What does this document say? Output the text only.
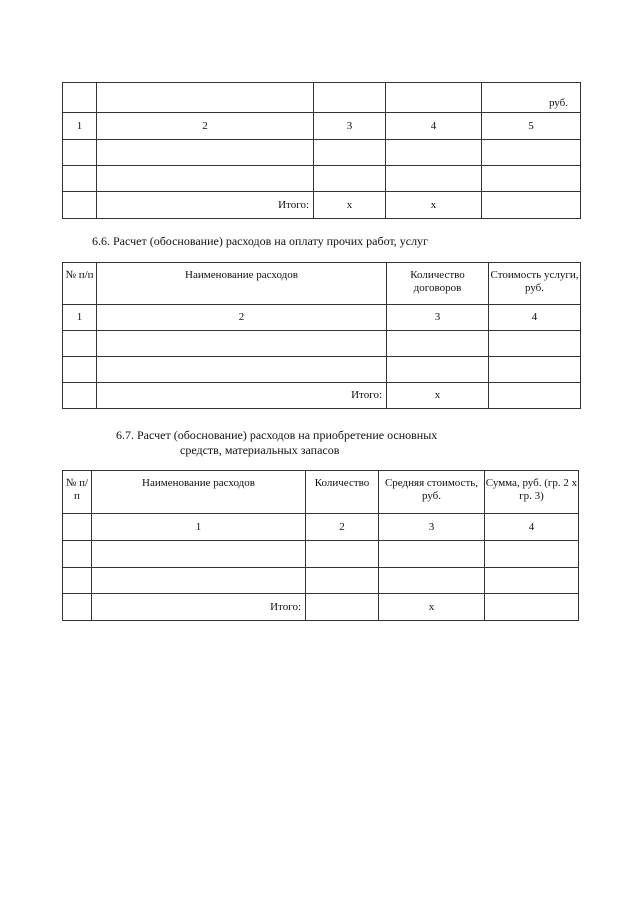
				руб.
1	2	3	4	5

	Итого:	х	х	
6.6. Расчет (обоснование) расходов на оплату прочих работ, услуг
№ п/п	Наименование расходов	Количество договоров	Стоимость услуги, руб.
1	2	3	4

	Итого:	х	
6.7. Расчет (обоснование) расходов на приобретение основных
средств, материальных запасов
№ п/п	Наименование расходов	Количество	Средняя стоимость, руб.	Сумма, руб. (гр. 2 х гр. 3)
	1	2	3	4

	Итого:		х	
